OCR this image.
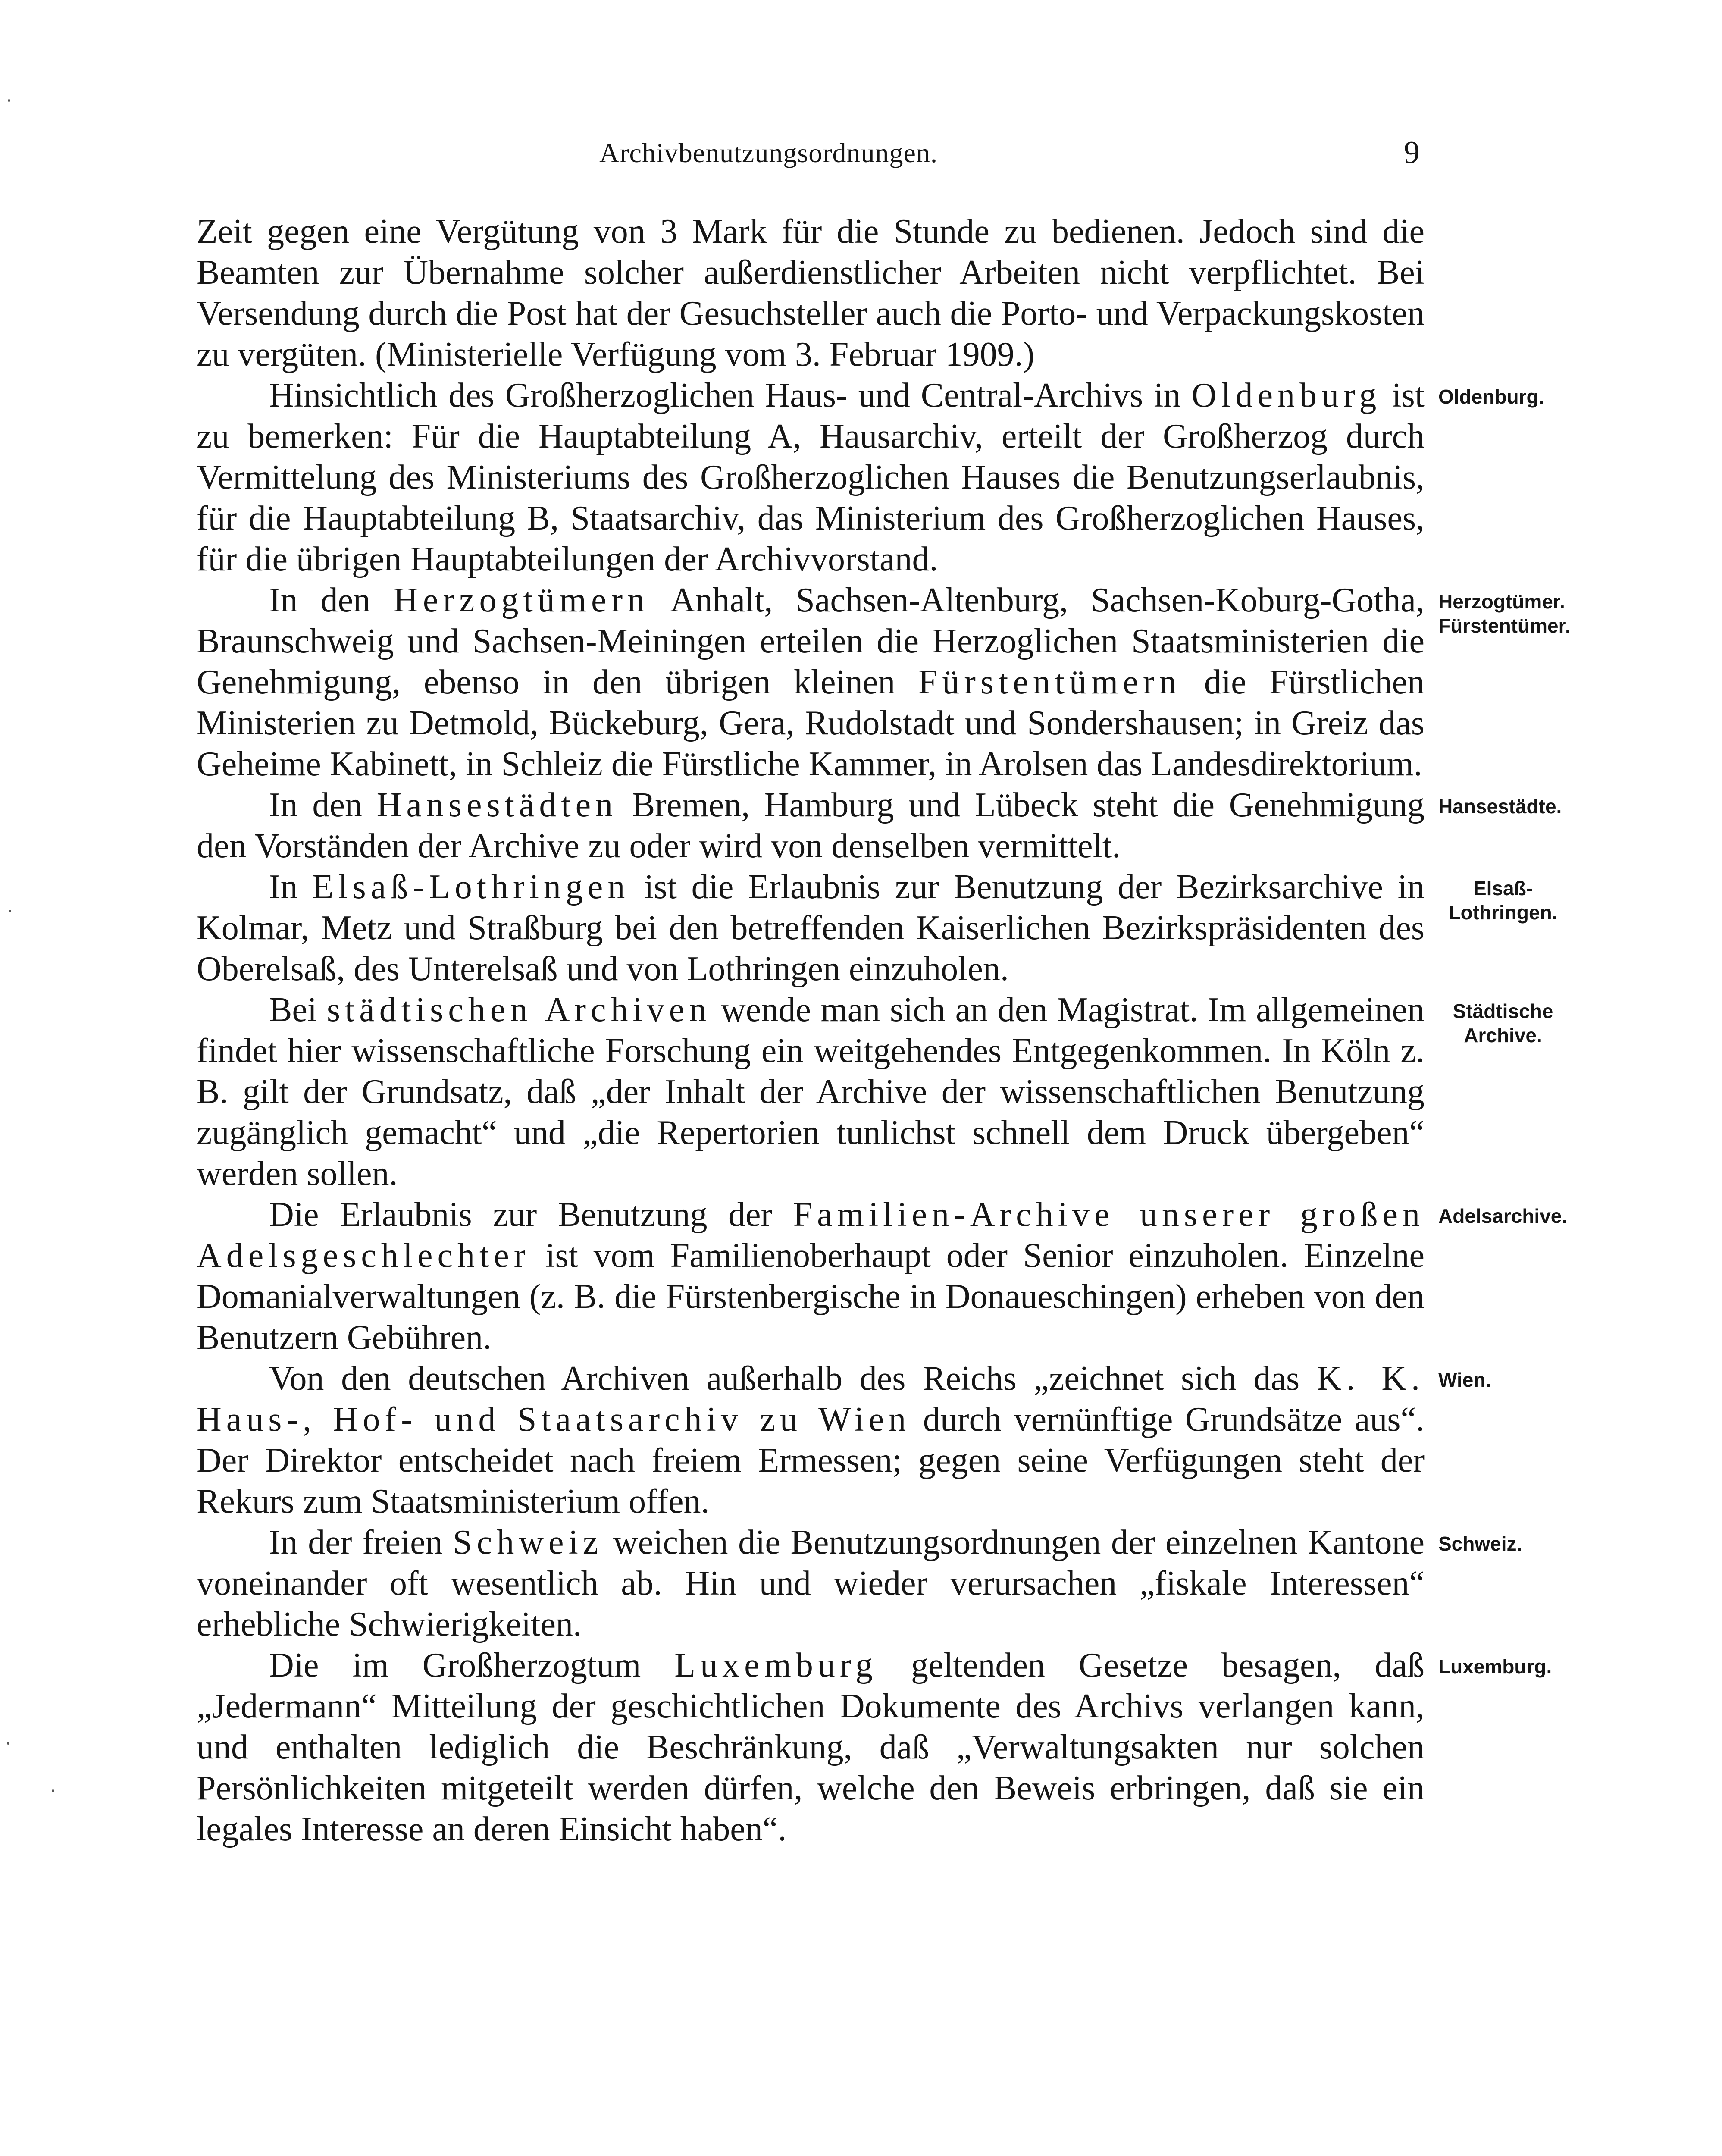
Archivbenutzungsordnungen.	9

Zeit gegen eine Vergütung von 3 Mark für die Stunde zu bedienen. Jedoch sind die Beamten zur Übernahme solcher außerdienstlicher Arbeiten nicht verpflichtet. Bei Versendung durch die Post hat der Gesuchsteller auch die Porto- und Verpackungskosten zu vergüten. (Ministerielle Verfügung vom 3. Februar 1909.)

Hinsichtlich des Großherzoglichen Haus- und Central-Archivs in Oldenburg ist zu bemerken: Für die Hauptabteilung A, Hausarchiv, erteilt der Großherzog durch Vermittelung des Ministeriums des Großherzoglichen Hauses die Benutzungserlaubnis, für die Hauptabteilung B, Staatsarchiv, das Ministerium des Großherzoglichen Hauses, für die übrigen Hauptabteilungen der Archivvorstand.

In den Herzogtümern Anhalt, Sachsen-Altenburg, Sachsen-Koburg-Gotha, Braunschweig und Sachsen-Meiningen erteilen die Herzoglichen Staatsministerien die Genehmigung, ebenso in den übrigen kleinen Fürstentümern die Fürstlichen Ministerien zu Detmold, Bückeburg, Gera, Rudolstadt und Sondershausen; in Greiz das Geheime Kabinett, in Schleiz die Fürstliche Kammer, in Arolsen das Landesdirektorium.

In den Hansestädten Bremen, Hamburg und Lübeck steht die Genehmigung den Vorständen der Archive zu oder wird von denselben vermittelt.

In Elsaß-Lothringen ist die Erlaubnis zur Benutzung der Bezirksarchive in Kolmar, Metz und Straßburg bei den betreffenden Kaiserlichen Bezirkspräsidenten des Oberelsaß, des Unterelsaß und von Lothringen einzuholen.

Bei städtischen Archiven wende man sich an den Magistrat. Im allgemeinen findet hier wissenschaftliche Forschung ein weitgehendes Entgegenkommen. In Köln z. B. gilt der Grundsatz, daß „der Inhalt der Archive der wissenschaftlichen Benutzung zugänglich gemacht“ und „die Repertorien tunlichst schnell dem Druck übergeben“ werden sollen.

Die Erlaubnis zur Benutzung der Familien-Archive unserer großen Adelsgeschlechter ist vom Familienoberhaupt oder Senior einzuholen. Einzelne Domanialverwaltungen (z. B. die Fürstenbergische in Donaueschingen) erheben von den Benutzern Gebühren.

Von den deutschen Archiven außerhalb des Reichs „zeichnet sich das K. K. Haus-, Hof- und Staatsarchiv zu Wien durch vernünftige Grundsätze aus“. Der Direktor entscheidet nach freiem Ermessen; gegen seine Verfügungen steht der Rekurs zum Staatsministerium offen.

In der freien Schweiz weichen die Benutzungsordnungen der einzelnen Kantone voneinander oft wesentlich ab. Hin und wieder verursachen „fiskale Interessen“ erhebliche Schwierigkeiten.

Die im Großherzogtum Luxemburg geltenden Gesetze besagen, daß „Jedermann“ Mitteilung der geschichtlichen Dokumente des Archivs verlangen kann, und enthalten lediglich die Beschränkung, daß „Verwaltungsakten nur solchen Persönlichkeiten mitgeteilt werden dürfen, welche den Beweis erbringen, daß sie ein legales Interesse an deren Einsicht haben“.

Oldenburg.
Herzogtümer.
Fürstentümer.
Hansestädte.
Elsaß-
Lothringen.
Städtische
Archive.
Adelsarchive.
Wien.
Schweiz.
Luxemburg.
